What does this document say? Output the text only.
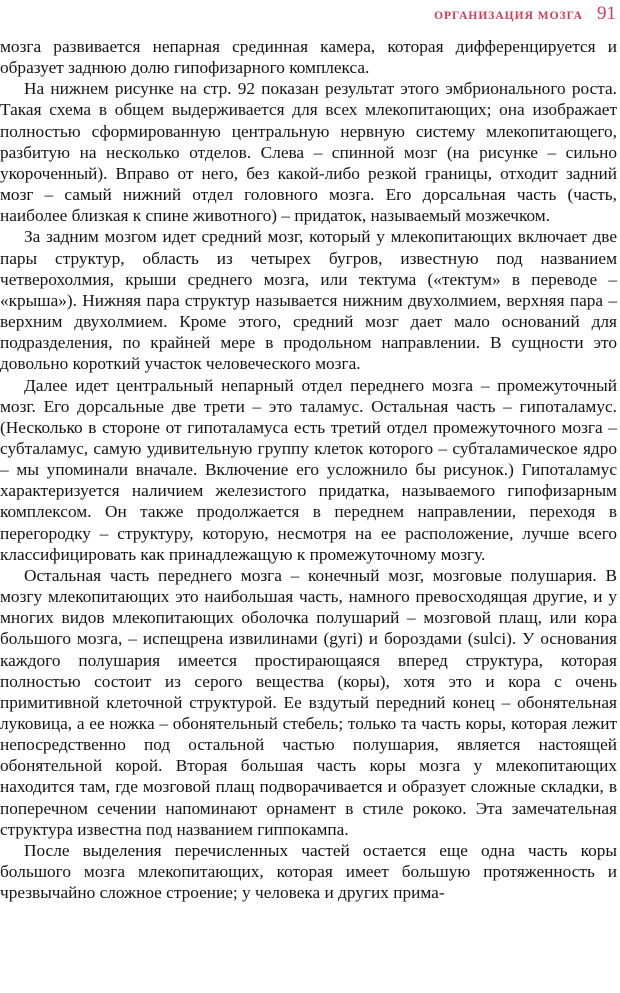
ОРГАНИЗАЦИЯ МОЗГА 91

мозга развивается непарная срединная камера, которая дифференцируется и образует заднюю долю гипофизарного комплекса.

На нижнем рисунке на стр. 92 показан результат этого эмбрионального роста. Такая схема в общем выдерживается для всех млекопитающих; она изображает полностью сформированную центральную нервную систему млекопитающего, разбитую на несколько отделов. Слева – спинной мозг (на рисунке – сильно укороченный). Вправо от него, без какой-либо резкой границы, отходит задний мозг – самый нижний отдел головного мозга. Его дорсальная часть (часть, наиболее близкая к спине животного) – придаток, называемый мозжечком.

За задним мозгом идет средний мозг, который у млекопитающих включает две пары структур, область из четырех бугров, известную под названием четверохолмия, крыши среднего мозга, или тектума («тектум» в переводе – «крыша»). Нижняя пара структур называется нижним двухолмием, верхняя пара – верхним двухолмием. Кроме этого, средний мозг дает мало оснований для подразделения, по крайней мере в продольном направлении. В сущности это довольно короткий участок человеческого мозга.

Далее идет центральный непарный отдел переднего мозга – промежуточный мозг. Его дорсальные две трети – это таламус. Остальная часть – гипоталамус. (Несколько в стороне от гипоталамуса есть третий отдел промежуточного мозга – субталамус, самую удивительную группу клеток которого – субталамическое ядро – мы упоминали вначале. Включение его усложнило бы рисунок.) Гипоталамус характеризуется наличием железистого придатка, называемого гипофизарным комплексом. Он также продолжается в переднем направлении, переходя в перегородку – структуру, которую, несмотря на ее расположение, лучше всего классифицировать как принадлежащую к промежуточному мозгу.

Остальная часть переднего мозга – конечный мозг, мозговые полушария. В мозгу млекопитающих это наибольшая часть, намного превосходящая другие, и у многих видов млекопитающих оболочка полушарий – мозговой плащ, или кора большого мозга, – испещрена извилинами (gyri) и бороздами (sulci). У основания каждого полушария имеется простирающаяся вперед структура, которая полностью состоит из серого вещества (коры), хотя это и кора с очень примитивной клеточной структурой. Ее вздутый передний конец – обонятельная луковица, а ее ножка – обонятельный стебель; только та часть коры, которая лежит непосредственно под остальной частью полушария, является настоящей обонятельной корой. Вторая большая часть коры мозга у млекопитающих находится там, где мозговой плащ подворачивается и образует сложные складки, в поперечном сечении напоминают орнамент в стиле рококо. Эта замечательная структура известна под названием гиппокампа.

После выделения перечисленных частей остается еще одна часть коры большого мозга млекопитающих, которая имеет большую протяженность и чрезвычайно сложное строение; у человека и других прима-
